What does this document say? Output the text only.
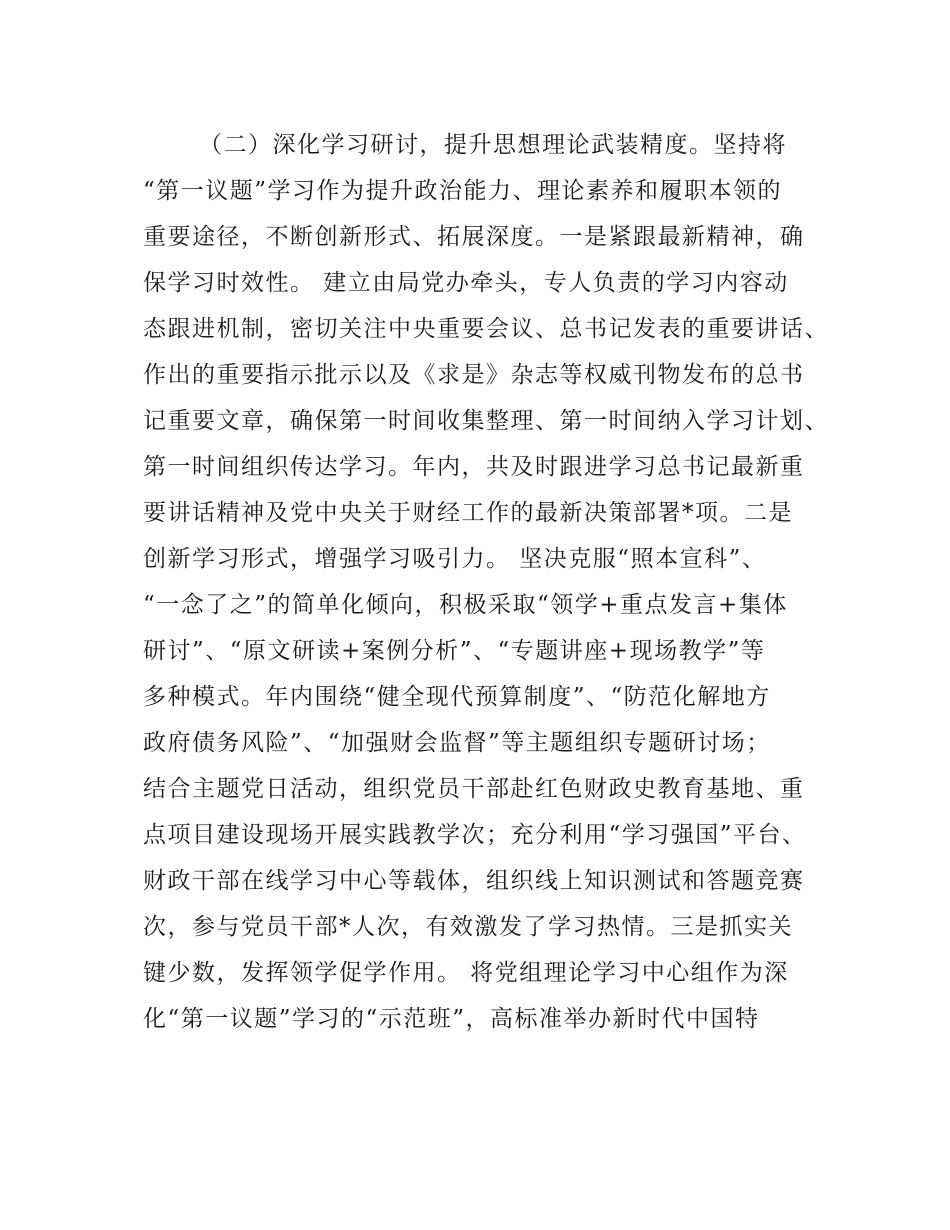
（二）深化学习研讨，提升思想理论武装精度。坚持将
“第一议题”学习作为提升政治能力、理论素养和履职本领的
重要途径，不断创新形式、拓展深度。一是紧跟最新精神，确
保学习时效性。 建立由局党办牵头，专人负责的学习内容动
态跟进机制，密切关注中央重要会议、总书记发表的重要讲话、
作出的重要指示批示以及《求是》杂志等权威刊物发布的总书
记重要文章，确保第一时间收集整理、第一时间纳入学习计划、
第一时间组织传达学习。年内，共及时跟进学习总书记最新重
要讲话精神及党中央关于财经工作的最新决策部署*项。二是
创新学习形式，增强学习吸引力。 坚决克服“照本宣科”、
“一念了之”的简单化倾向，积极采取“领学+重点发言+集体
研讨”、“原文研读+案例分析”、“专题讲座+现场教学”等
多种模式。年内围绕“健全现代预算制度”、“防范化解地方
政府债务风险”、“加强财会监督”等主题组织专题研讨场；
结合主题党日活动，组织党员干部赴红色财政史教育基地、重
点项目建设现场开展实践教学次；充分利用“学习强国”平台、
财政干部在线学习中心等载体，组织线上知识测试和答题竞赛
次，参与党员干部*人次，有效激发了学习热情。三是抓实关
键少数，发挥领学促学作用。 将党组理论学习中心组作为深
化“第一议题”学习的“示范班”，高标准举办新时代中国特
